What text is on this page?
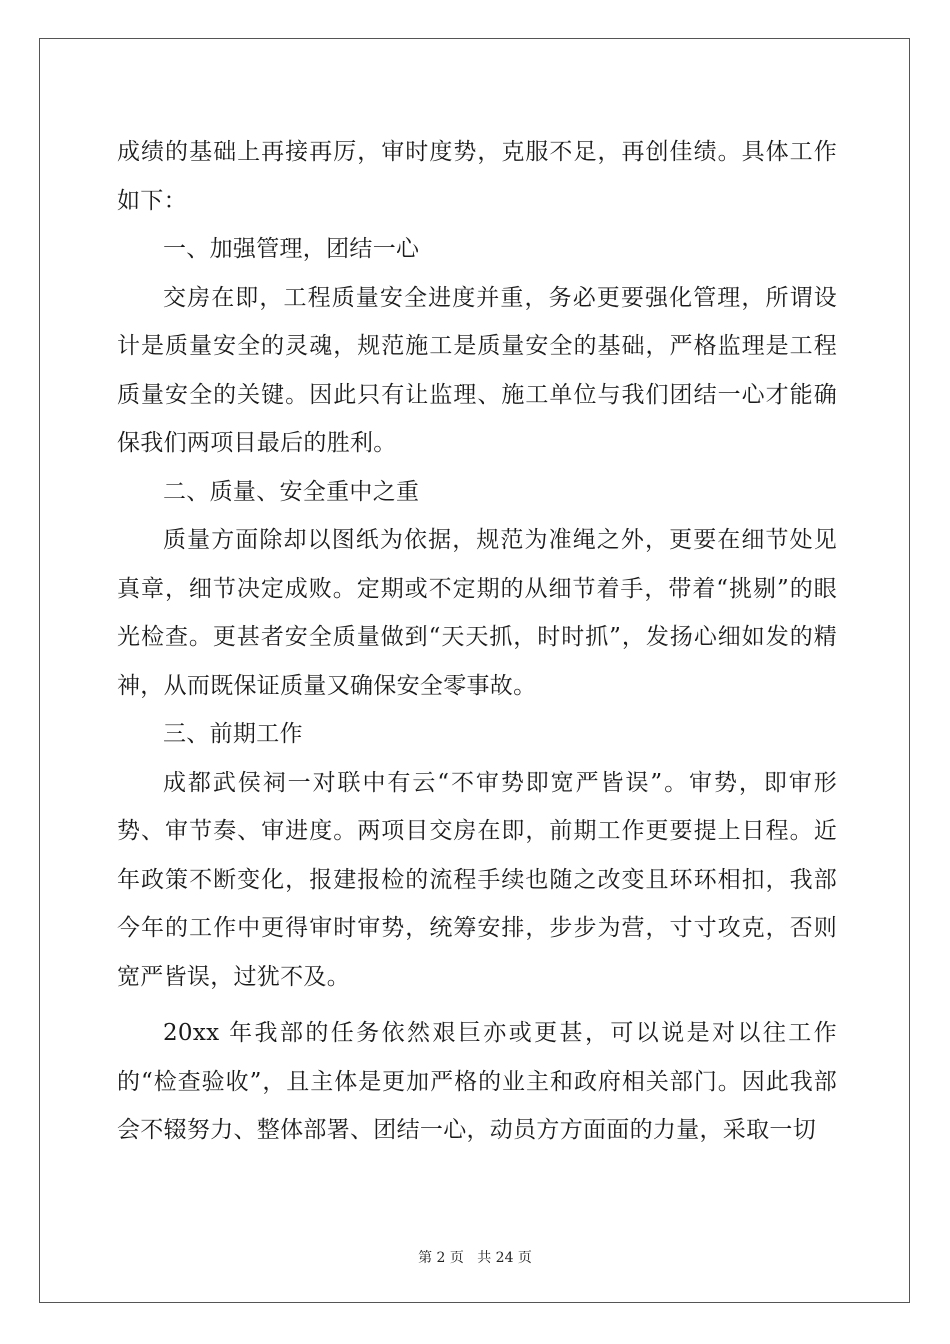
成绩的基础上再接再厉，审时度势，克服不足，再创佳绩。具体工作如下：

一、加强管理，团结一心

交房在即，工程质量安全进度并重，务必更要强化管理，所谓设计是质量安全的灵魂，规范施工是质量安全的基础，严格监理是工程质量安全的关键。因此只有让监理、施工单位与我们团结一心才能确保我们两项目最后的胜利。

二、质量、安全重中之重

质量方面除却以图纸为依据，规范为准绳之外，更要在细节处见真章，细节决定成败。定期或不定期的从细节着手，带着“挑剔”的眼光检查。更甚者安全质量做到“天天抓，时时抓”，发扬心细如发的精神，从而既保证质量又确保安全零事故。

三、前期工作

成都武侯祠一对联中有云“不审势即宽严皆误”。审势，即审形势、审节奏、审进度。两项目交房在即，前期工作更要提上日程。近年政策不断变化，报建报检的流程手续也随之改变且环环相扣，我部今年的工作中更得审时审势，统筹安排，步步为营，寸寸攻克，否则宽严皆误，过犹不及。

20xx 年我部的任务依然艰巨亦或更甚，可以说是对以往工作的“检查验收”，且主体是更加严格的业主和政府相关部门。因此我部会不辍努力、整体部署、团结一心，动员方方面面的力量，采取一切

第 2 页   共 24 页
